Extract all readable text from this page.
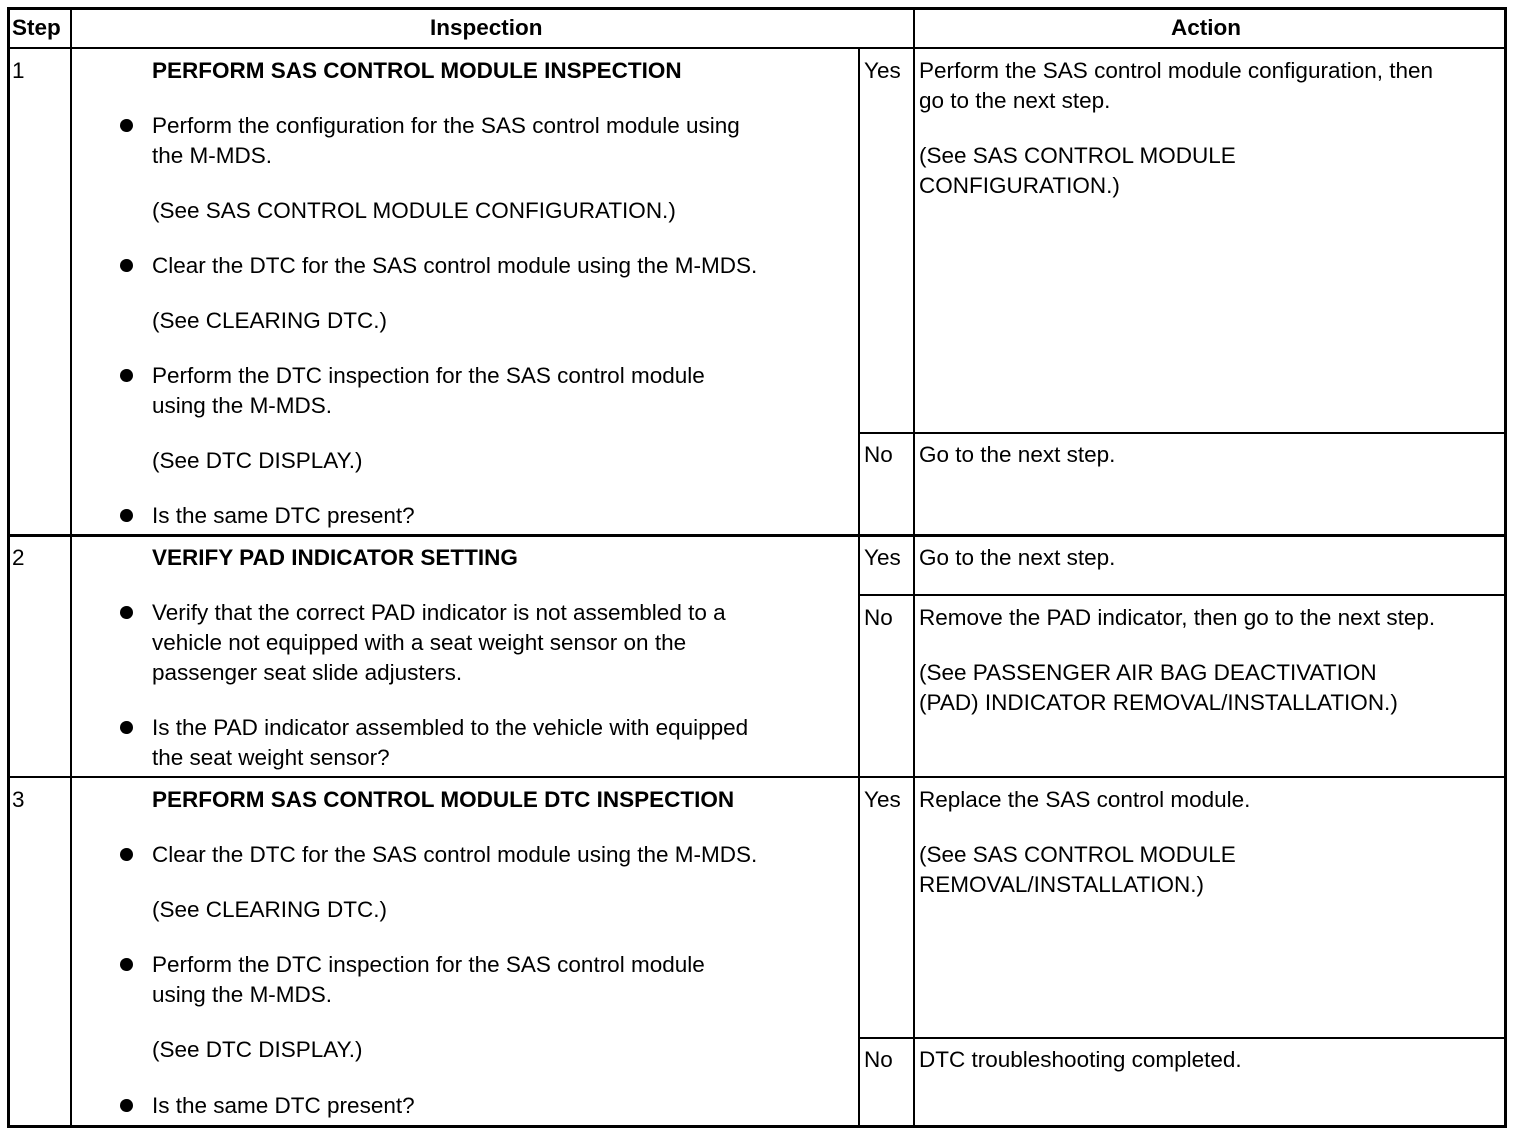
Step	Inspection	Action
1	PERFORM SAS CONTROL MODULE INSPECTION
Perform the configuration for the SAS control module using
the M-MDS.
(See SAS CONTROL MODULE CONFIGURATION.)
Clear the DTC for the SAS control module using the M-MDS.
(See CLEARING DTC.)
Perform the DTC inspection for the SAS control module
using the M-MDS.
(See DTC DISPLAY.)
Is the same DTC present?
Yes Perform the SAS control module configuration, then
go to the next step.
(See SAS CONTROL MODULE
CONFIGURATION.)
No Go to the next step.
2	VERIFY PAD INDICATOR SETTING
Verify that the correct PAD indicator is not assembled to a
vehicle not equipped with a seat weight sensor on the
passenger seat slide adjusters.
Is the PAD indicator assembled to the vehicle with equipped
the seat weight sensor?
Yes Go to the next step.
No Remove the PAD indicator, then go to the next step.
(See PASSENGER AIR BAG DEACTIVATION
(PAD) INDICATOR REMOVAL/INSTALLATION.)
3	PERFORM SAS CONTROL MODULE DTC INSPECTION
Clear the DTC for the SAS control module using the M-MDS.
(See CLEARING DTC.)
Perform the DTC inspection for the SAS control module
using the M-MDS.
(See DTC DISPLAY.)
Is the same DTC present?
Yes Replace the SAS control module.
(See SAS CONTROL MODULE
REMOVAL/INSTALLATION.)
No DTC troubleshooting completed.
